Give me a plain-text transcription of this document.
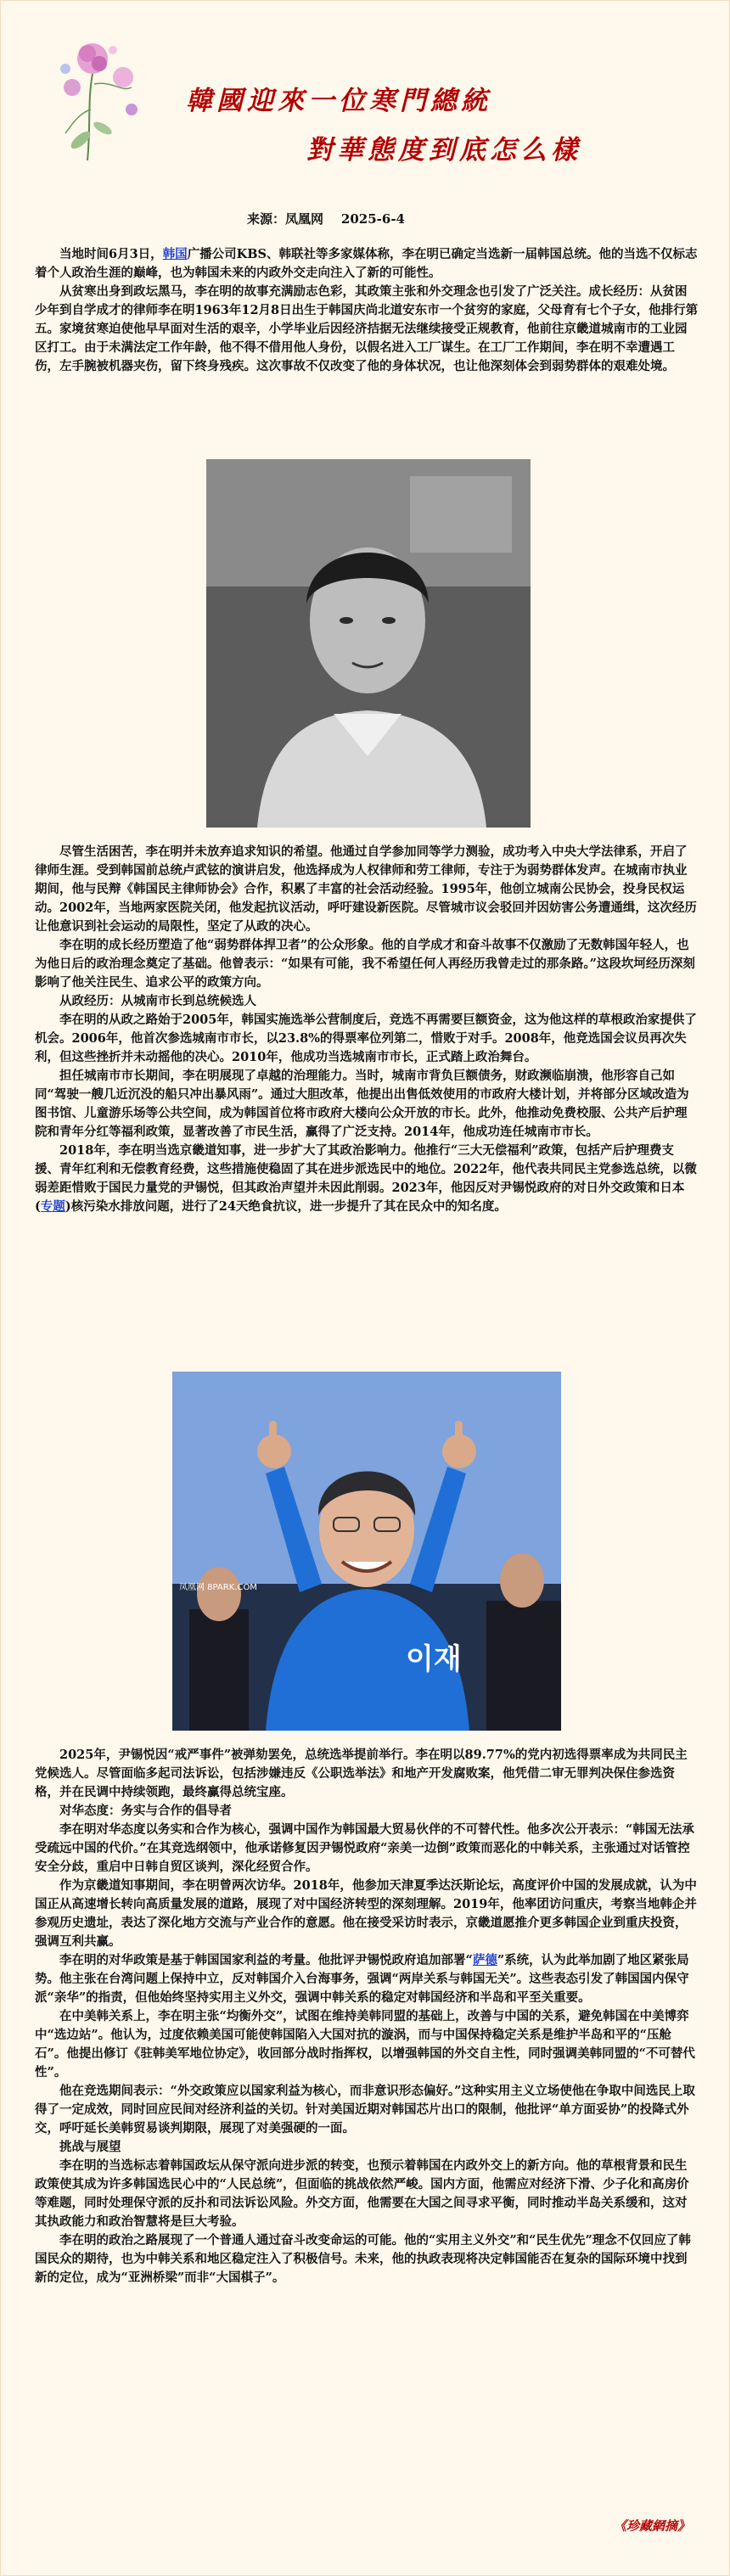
韓國迎來一位寒門總統
對華態度到底怎么樣
来源：凤凰网 2025-6-4

当地时间6月3日，韩国广播公司KBS、韩联社等多家媒体称，李在明已确定当选新一届韩国总统。他的当选不仅标志着个人政治生涯的巅峰，也为韩国未来的内政外交走向注入了新的可能性。

从贫寒出身到政坛黑马，李在明的故事充满励志色彩，其政策主张和外交理念也引发了广泛关注。成长经历：从贫困少年到自学成才的律师李在明1963年12月8日出生于韩国庆尚北道安东市一个贫穷的家庭，父母育有七个子女，他排行第五。家境贫寒迫使他早早面对生活的艰辛，小学毕业后因经济拮据无法继续接受正规教育，他前往京畿道城南市的工业园区打工。由于未满法定工作年龄，他不得不借用他人身份，以假名进入工厂谋生。在工厂工作期间，李在明不幸遭遇工伤，左手腕被机器夹伤，留下终身残疾。这次事故不仅改变了他的身体状况，也让他深刻体会到弱势群体的艰难处境。

尽管生活困苦，李在明并未放弃追求知识的希望。他通过自学参加同等学力测验，成功考入中央大学法律系，开启了律师生涯。受到韩国前总统卢武铉的演讲启发，他选择成为人权律师和劳工律师，专注于为弱势群体发声。在城南市执业期间，他与民辩《韩国民主律师协会》合作，积累了丰富的社会活动经验。1995年，他创立城南公民协会，投身民权运动。2002年，当地两家医院关闭，他发起抗议活动，呼吁建设新医院。尽管城市议会驳回并因妨害公务遭通缉，这次经历让他意识到社会运动的局限性，坚定了从政的决心。

李在明的成长经历塑造了他“弱势群体捍卫者”的公众形象。他的自学成才和奋斗故事不仅激励了无数韩国年轻人，也为他日后的政治理念奠定了基础。他曾表示：“如果有可能，我不希望任何人再经历我曾走过的那条路。”这段坎坷经历深刻影响了他关注民生、追求公平的政策方向。

从政经历：从城南市长到总统候选人

李在明的从政之路始于2005年，韩国实施选举公营制度后，竞选不再需要巨额资金，这为他这样的草根政治家提供了机会。2006年，他首次参选城南市市长，以23.8%的得票率位列第二，惜败于对手。2008年，他竞选国会议员再次失利，但这些挫折并未动摇他的决心。2010年，他成功当选城南市市长，正式踏上政治舞台。

担任城南市市长期间，李在明展现了卓越的治理能力。当时，城南市背负巨额债务，财政濒临崩溃，他形容自己如同“驾驶一艘几近沉没的船只冲出暴风雨”。通过大胆改革，他提出出售低效使用的市政府大楼计划，并将部分区域改造为图书馆、儿童游乐场等公共空间，成为韩国首位将市政府大楼向公众开放的市长。此外，他推动免费校服、公共产后护理院和青年分红等福利政策，显著改善了市民生活，赢得了广泛支持。2014年，他成功连任城南市市长。

2018年，李在明当选京畿道知事，进一步扩大了其政治影响力。他推行“三大无偿福利”政策，包括产后护理费支援、青年红利和无偿教育经费，这些措施使稳固了其在进步派选民中的地位。2022年，他代表共同民主党参选总统，以微弱差距惜败于国民力量党的尹锡悦，但其政治声望并未因此削弱。2023年，他因反对尹锡悦政府的对日外交政策和日本(专题)核污染水排放问题，进行了24天绝食抗议，进一步提升了其在民众中的知名度。

이재
凤凰网 8PARK.COM

2025年，尹锡悦因“戒严事件”被弹劾罢免，总统选举提前举行。李在明以89.77%的党内初选得票率成为共同民主党候选人。尽管面临多起司法诉讼，包括涉嫌违反《公职选举法》和地产开发腐败案，他凭借二审无罪判决保住参选资格，并在民调中持续领跑，最终赢得总统宝座。

对华态度：务实与合作的倡导者

李在明对华态度以务实和合作为核心，强调中国作为韩国最大贸易伙伴的不可替代性。他多次公开表示：“韩国无法承受疏远中国的代价。”在其竞选纲领中，他承诺修复因尹锡悦政府“亲美一边倒”政策而恶化的中韩关系，主张通过对话管控安全分歧，重启中日韩自贸区谈判，深化经贸合作。

作为京畿道知事期间，李在明曾两次访华。2018年，他参加天津夏季达沃斯论坛，高度评价中国的发展成就，认为中国正从高速增长转向高质量发展的道路，展现了对中国经济转型的深刻理解。2019年，他率团访问重庆，考察当地韩企并参观历史遗址，表达了深化地方交流与产业合作的意愿。他在接受采访时表示，京畿道愿推介更多韩国企业到重庆投资，强调互利共赢。

李在明的对华政策是基于韩国国家利益的考量。他批评尹锡悦政府追加部署“萨德”系统，认为此举加剧了地区紧张局势。他主张在台湾问题上保持中立，反对韩国介入台海事务，强调“两岸关系与韩国无关”。这些表态引发了韩国国内保守派“亲华”的指责，但他始终坚持实用主义外交，强调中韩关系的稳定对韩国经济和半岛和平至关重要。

在中美韩关系上，李在明主张“均衡外交”，试图在维持美韩同盟的基础上，改善与中国的关系，避免韩国在中美博弈中“选边站”。他认为，过度依赖美国可能使韩国陷入大国对抗的漩涡，而与中国保持稳定关系是维护半岛和平的“压舱石”。他提出修订《驻韩美军地位协定》，收回部分战时指挥权，以增强韩国的外交自主性，同时强调美韩同盟的“不可替代性”。

他在竞选期间表示：“外交政策应以国家利益为核心，而非意识形态偏好。”这种实用主义立场使他在争取中间选民上取得了一定成效，同时回应民间对经济利益的关切。针对美国近期对韩国芯片出口的限制，他批评“单方面妥协”的投降式外交，呼吁延长美韩贸易谈判期限，展现了对美强硬的一面。

挑战与展望

李在明的当选标志着韩国政坛从保守派向进步派的转变，也预示着韩国在内政外交上的新方向。他的草根背景和民生政策使其成为许多韩国选民心中的“人民总统”，但面临的挑战依然严峻。国内方面，他需应对经济下滑、少子化和高房价等难题，同时处理保守派的反扑和司法诉讼风险。外交方面，他需要在大国之间寻求平衡，同时推动半岛关系缓和，这对其执政能力和政治智慧将是巨大考验。

李在明的政治之路展现了一个普通人通过奋斗改变命运的可能。他的“实用主义外交”和“民生优先”理念不仅回应了韩国民众的期待，也为中韩关系和地区稳定注入了积极信号。未来，他的执政表现将决定韩国能否在复杂的国际环境中找到新的定位，成为“亚洲桥梁”而非“大国棋子”。

《珍藏網摘》
